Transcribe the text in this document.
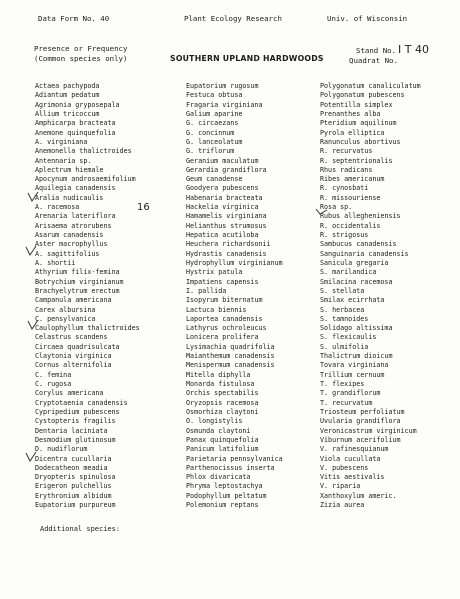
Data Form No. 40	Plant Ecology Research	Univ. of Wisconsin
Presence or Frequency
(Common species only)	SOUTHERN UPLAND HARDWOODS
Stand No.
Quadrat No.
I T 40
Actaea pachypoda
Adiantum pedatum
Agrimonia gryposepala
Allium tricoccum
Amphicarpa bracteata
Anemone quinquefolia
A. virginiana
Anemonella thalictroides
Antennaria sp.
Aplectrum hiemale
Apocynum androsaemifolium
Aquilegia canadensis
Aralia nudicaulis
A. racemosa
Arenaria lateriflora
Arisaema atrorubens
Asarum canadensis
Aster macrophyllus
A. sagittifolius
A. shortii
Athyrium filix-femina
Botrychium virginianum
Brachyelytrum erectum
Campanula americana
Carex albursina
C. pensylvanica
Caulophyllum thalictroides
Celastrus scandens
Circaea quadrisulcata
Claytonia virginica
Cornus alternifolia
C. femina
C. rugosa
Corylus americana
Cryptotaenia canadensis
Cypripedium pubescens
Cystopteris fragilis
Dentaria laciniata
Desmodium glutinosum
D. nudiflorum
Dicentra cucullaria
Dodecatheon meadia
Dryopteris spinulosa
Erigeron pulchellus
Erythronium albidum
Eupatorium purpureum
Eupatorium rugosum
Festuca obtusa
Fragaria virginiana
Galium aparine
G. circaezans
G. concinnum
G. lanceolatum
G. triflorum
Geranium maculatum
Gerardia grandiflora
Geum canadense
Goodyera pubescens
Habenaria bracteata
Hackelia virginica
Hamamelis virginiana
Helianthus strumosus
Hepatica acutiloba
Heuchera richardsonii
Hydrastis canadensis
Hydrophyllum virginianum
Hystrix patula
Impatiens capensis
I. pallida
Isopyrum biternatum
Lactuca biennis
Laportea canadensis
Lathyrus ochroleucus
Lonicera prolifera
Lysimachia quadrifolia
Maianthemum canadensis
Menispermum canadensis
Mitella diphylla
Monarda fistulosa
Orchis spectabilis
Oryzopsis racemosa
Osmorhiza claytoni
O. longistylis
Osmunda claytoni
Panax quinquefolia
Panicum latifolium
Parietaria pennsylvanica
Parthenocissus inserta
Phlox divaricata
Phryma leptostachya
Podophyllum peltatum
Polemonium reptans
Polygonatum canaliculatum
Polygonatum pubescens
Potentilla simplex
Prenanthes alba
Pteridium aquilinum
Pyrola elliptica
Ranunculus abortivus
R. recurvatus
R. septentrionalis
Rhus radicans
Ribes americanum
R. cynosbati
R. missouriense
Rosa sp.
Rubus allegheniensis
R. occidentalis
R. strigosus
Sambucus canadensis
Sanguinaria canadensis
Sanicula gregaria
S. marilandica
Smilacina racemosa
S. stellata
Smilax ecirrhata
S. herbacea
S. tamnoides
Solidago altissima
S. flexicaulis
S. ulmifolia
Thalictrum dioicum
Tovara virginiana
Trillium cernuum
T. flexipes
T. grandiflorum
T. recurvatum
Triosteum perfoliatum
Uvularia grandiflora
Veronicastrum virginicum
Viburnum acerifolium
V. rafinesquianum
Viola cucullata
V. pubescens
Vitis aestivalis
V. riparia
Xanthoxylum americ.
Zizia aurea
16
Additional species:
